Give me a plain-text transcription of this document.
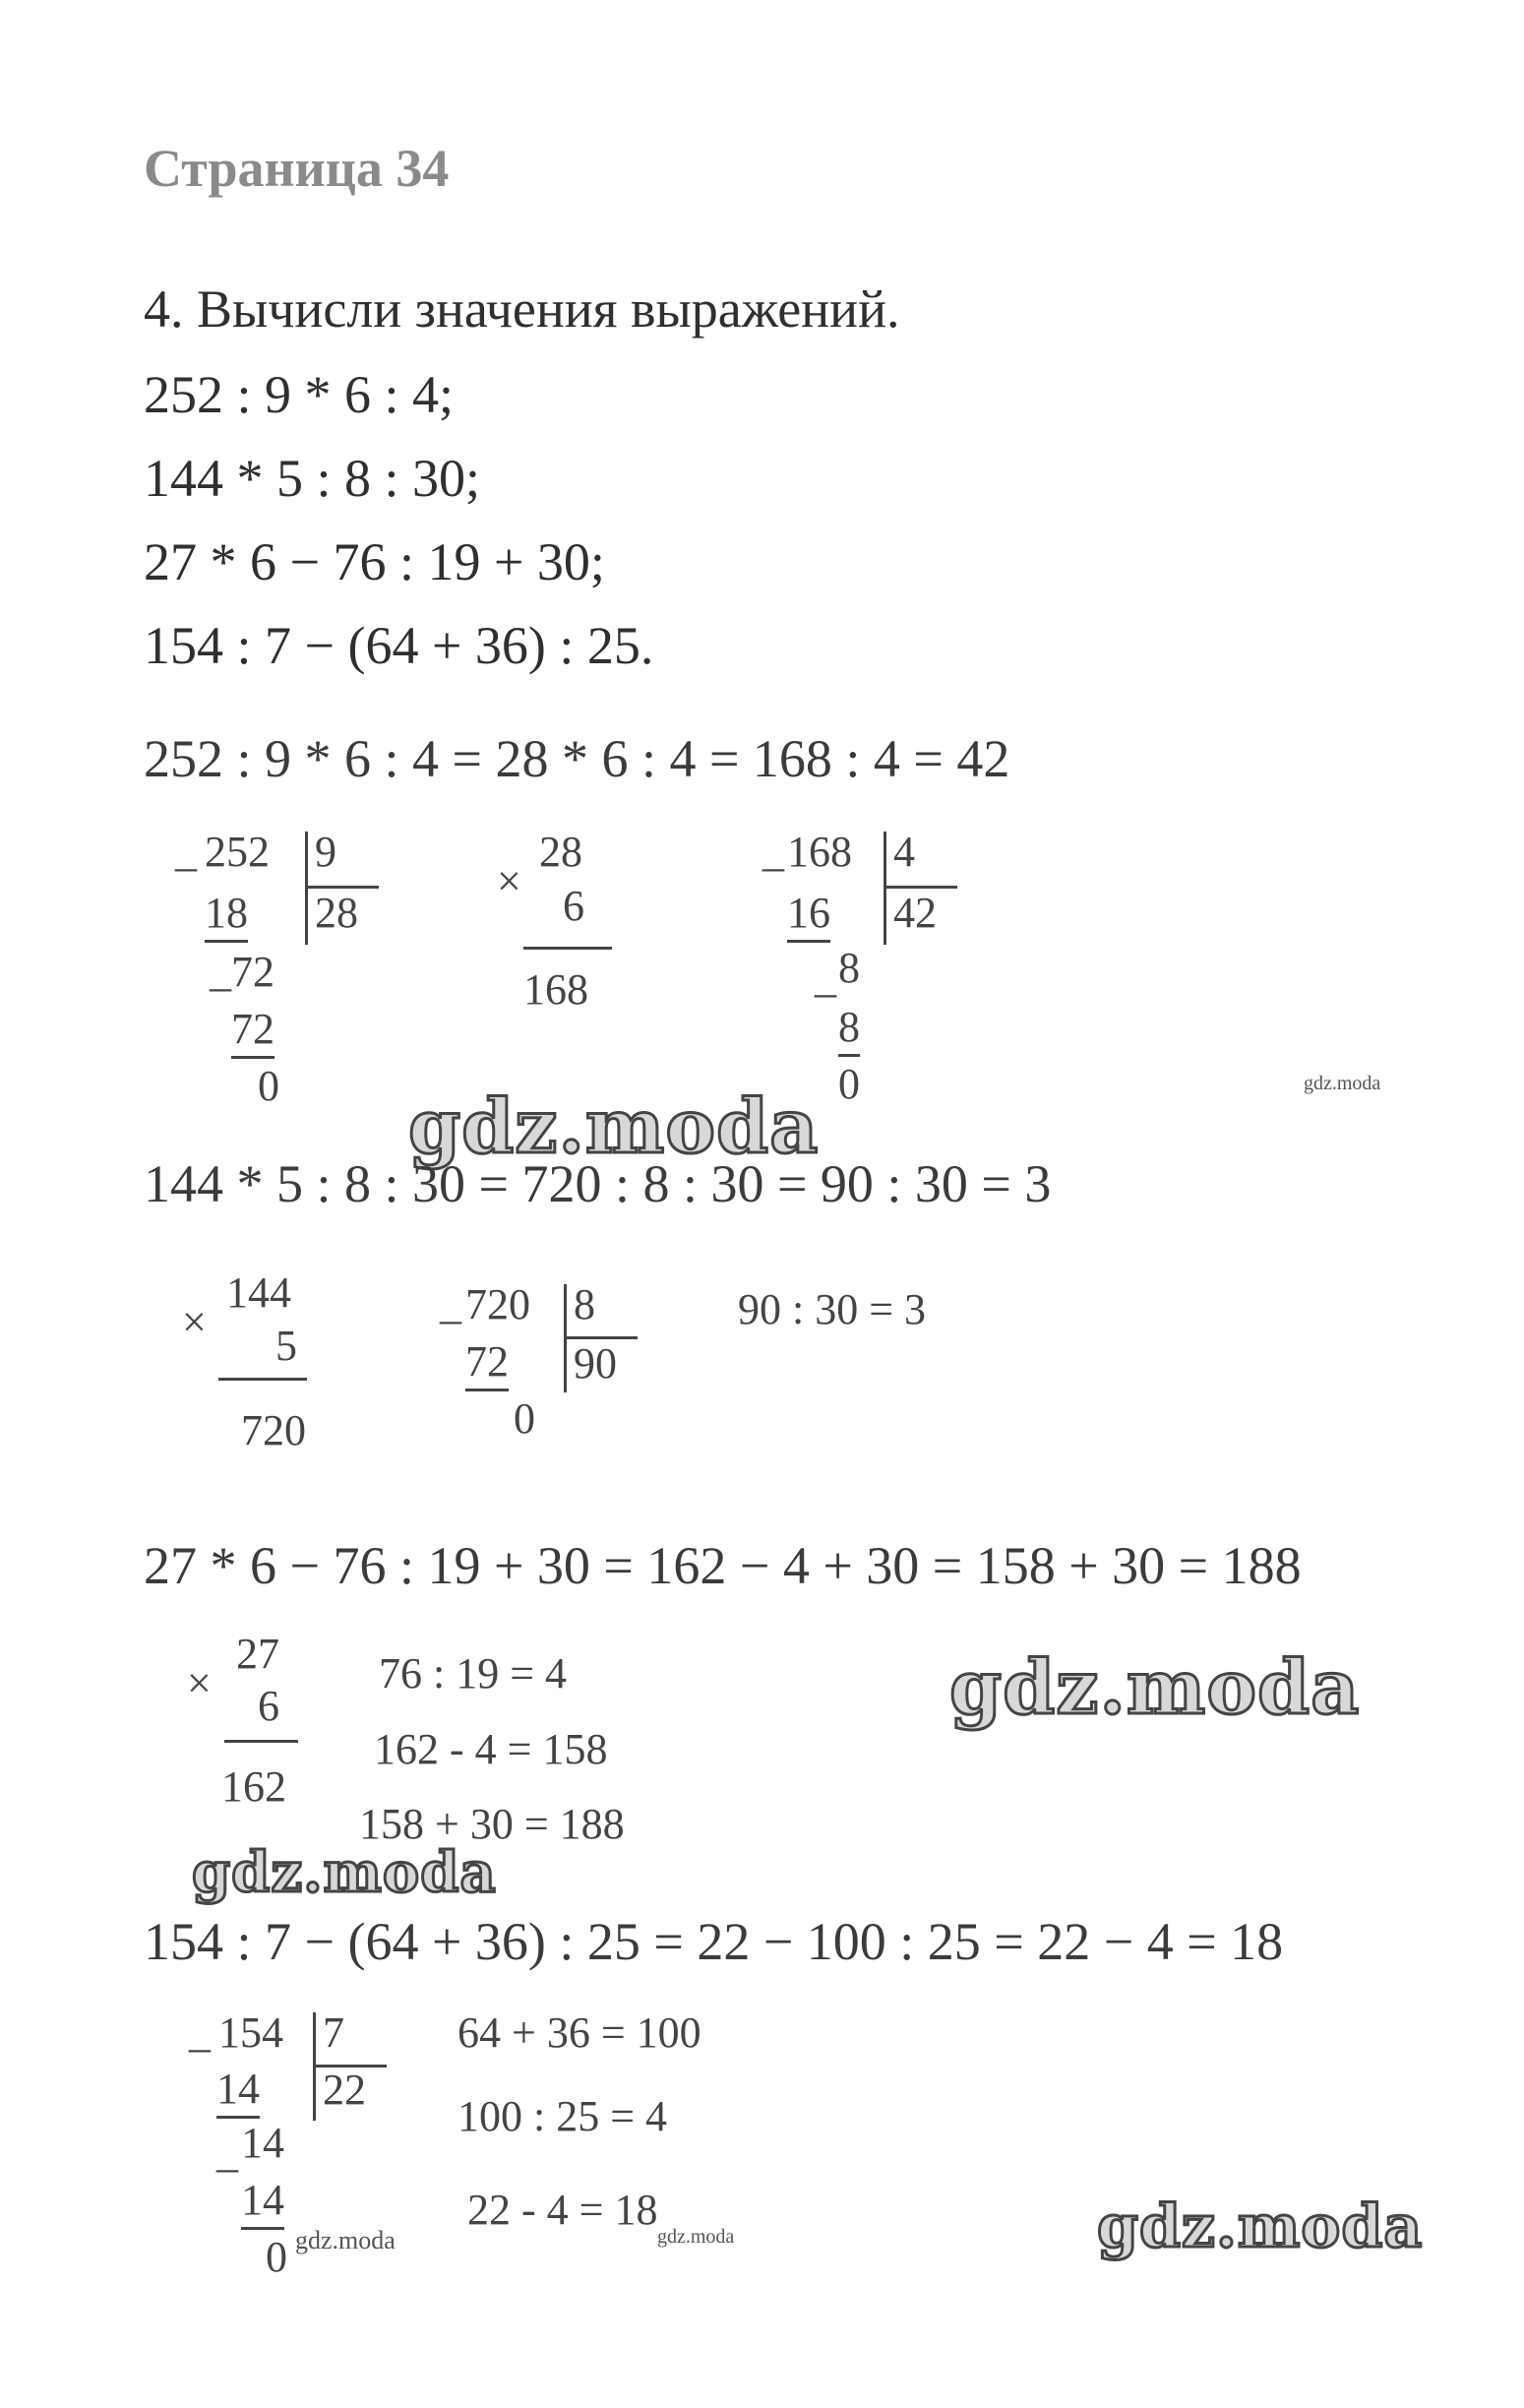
Страница 34
4. Вычисли значения выражений.
252 : 9 * 6 : 4;
144 * 5 : 8 : 30;
27 * 6 − 76 : 19 + 30;
154 : 7 − (64 + 36) : 25.
252 : 9 * 6 : 4 = 28 * 6 : 4 = 168 : 4 = 42
_ 252 9
28
18
_ 72
72
0
×
28
6
168
_ 168 4
42
16
_ 8
8
0	gdz.moda
gdz.moda
144 * 5 : 8 : 30 = 720 : 8 : 30 = 90 : 30 = 3
×
144
5
720
_ 720 8
90
72
0
90 : 30 = 3
27 * 6 − 76 : 19 + 30 = 162 − 4 + 30 = 158 + 30 = 188
×
27
6
162
76 : 19 = 4
162 - 4 = 158
158 + 30 = 188
gdz.moda
gdz.moda
154 : 7 − (64 + 36) : 25 = 22 − 100 : 25 = 22 − 4 = 18
_ 154 7
22
14
_ 14
14
0
64 + 36 = 100
100 : 25 = 4
22 - 4 = 18
gdz.moda	gdz.moda	gdz.moda
